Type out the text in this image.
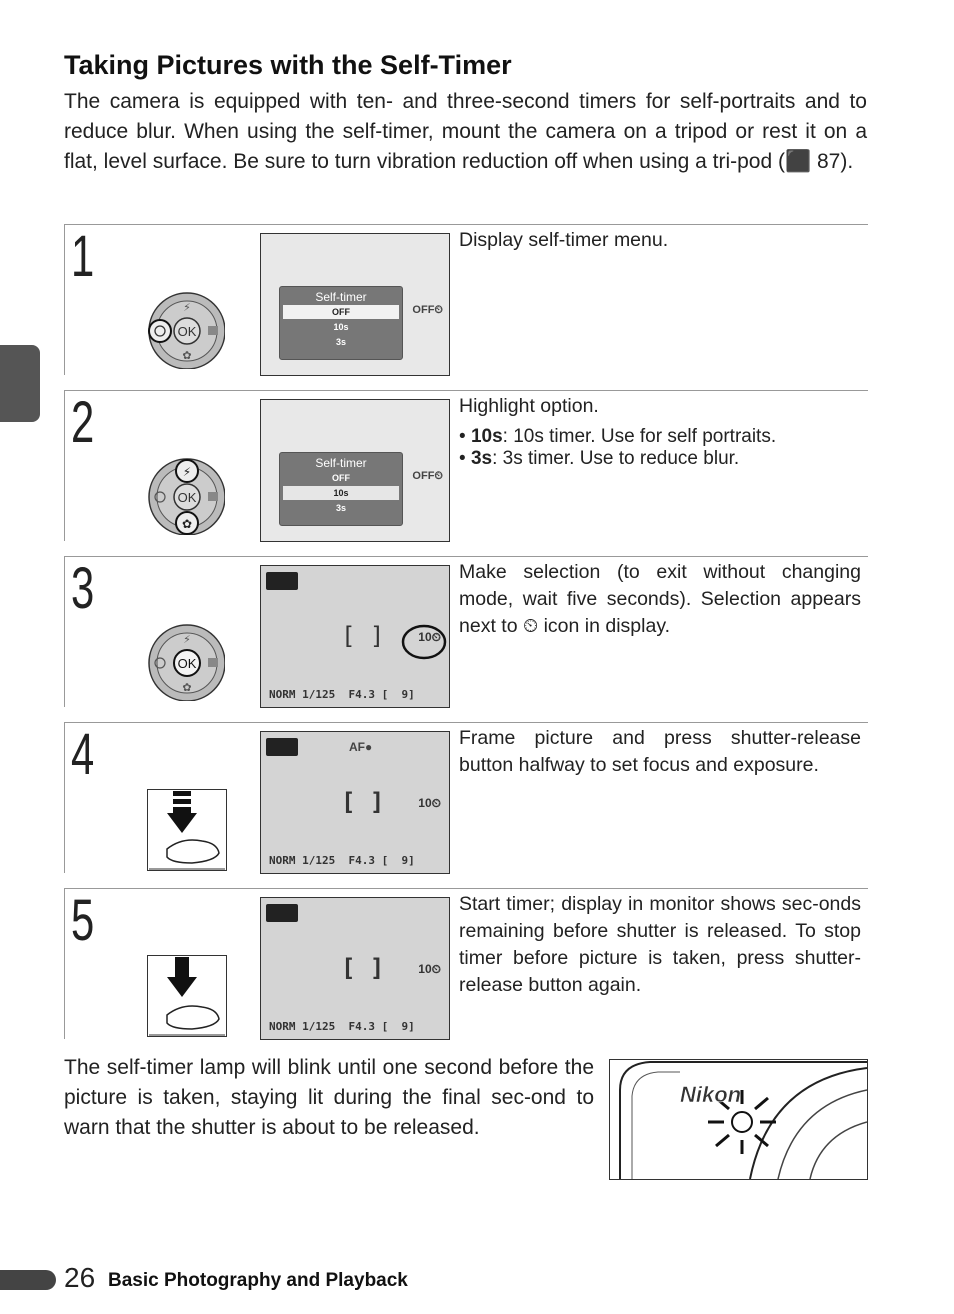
Taking Pictures with the Self-Timer

The camera is equipped with ten- and three-second timers for self-portraits and to reduce blur. When using the self-timer, mount the camera on a tripod or rest it on a flat, level surface. Be sure to turn vibration reduction off when using a tri-pod (⬛ 87).

1
OK
⚡
✿
Self-timer
OFF
10s
3s
OFF⏲

Display self-timer menu.

2
OK
⚡
✿
Self-timer
OFF
10s
3s
OFF⏲

Highlight option.

• 10s: 10s timer. Use for self portraits.
• 3s: 3s timer. Use to reduce blur.
3
OK
⚡
✿
[ ]	10⏲
NORM 1/125  F4.3 [  9]

Make selection (to exit without changing mode, wait five seconds). Selection appears next to ⏲ icon in display.

4	AF●
[ ]	10⏲
NORM 1/125  F4.3 [  9]

Frame picture and press shutter-release button halfway to set focus and exposure.

5
[ ]	10⏲
NORM 1/125  F4.3 [  9]

Start timer; display in monitor shows sec-onds remaining before shutter is released. To stop timer before picture is taken, press shutter-release button again.

The self-timer lamp will blink until one second before the picture is taken, staying lit during the final sec-ond to warn that the shutter is about to be released.

Nikon
26 Basic Photography and Playback
